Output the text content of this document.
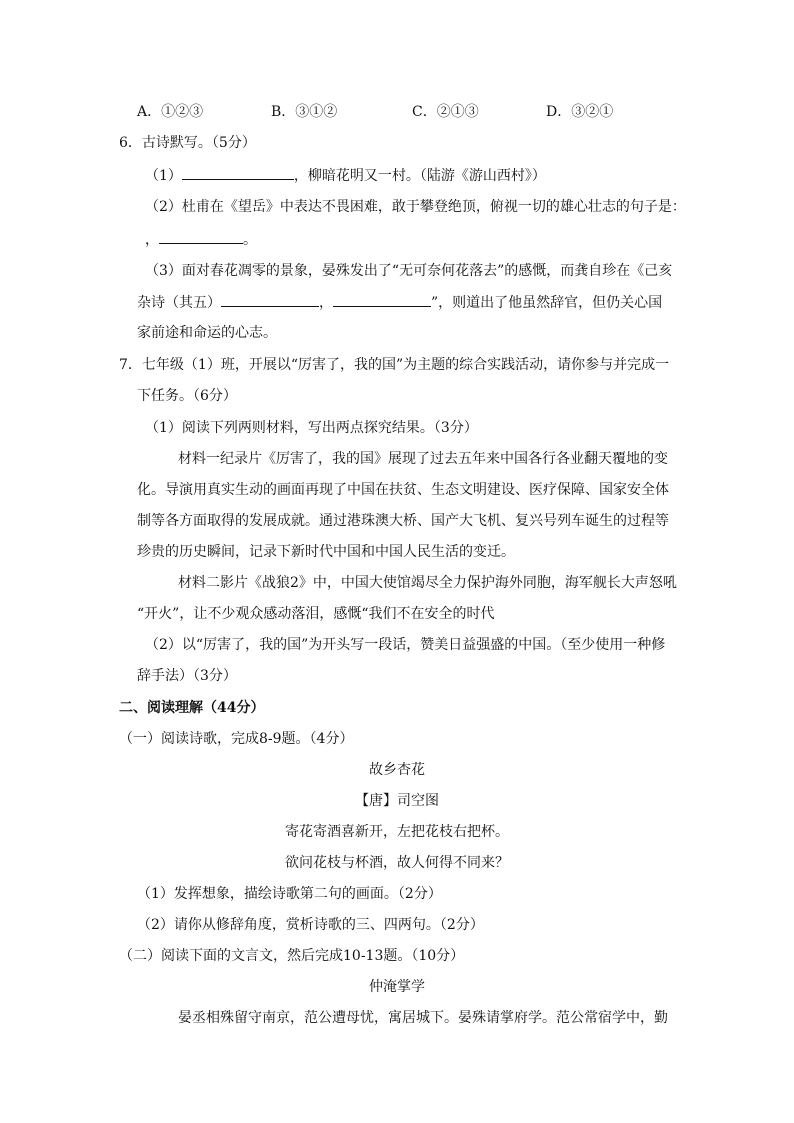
A．①②③	B．③①②	C．②①③	D．③②①
6．古诗默写。（5分）
（1）	，柳暗花明又一村。（陆游《游山西村》）
（2）杜甫在《望岳》中表达不畏困难，敢于攀登绝顶，俯视一切的雄心壮志的句子是：
，	。
（3）面对春花凋零的景象，晏殊发出了“无可奈何花落去”的感慨，而龚自珍在《己亥
杂诗（其五）	，	”，则道出了他虽然辞官，但仍关心国
家前途和命运的心志。
7．七年级（1）班，开展以“厉害了，我的国”为主题的综合实践活动，请你参与并完成一
下任务。（6分）
（1）阅读下列两则材料，写出两点探究结果。（3分）
材料一纪录片《厉害了，我的国》展现了过去五年来中国各行各业翻天覆地的变
化。导演用真实生动的画面再现了中国在扶贫、生态文明建设、医疗保障、国家安全体
制等各方面取得的发展成就。通过港珠澳大桥、国产大飞机、复兴号列车诞生的过程等
珍贵的历史瞬间，记录下新时代中国和中国人民生活的变迁。
材料二影片《战狼2》中，中国大使馆竭尽全力保护海外同胞，海军舰长大声怒吼
“开火”，让不少观众感动落泪，感慨“我们不在安全的时代
（2）以“厉害了，我的国”为开头写一段话，赞美日益强盛的中国。（至少使用一种修
辞手法）（3分）
二、阅读理解（44分）
（一）阅读诗歌，完成8-9题。（4分）
故乡杏花
【唐】司空图
寄花寄酒喜新开，左把花枝右把杯。
欲问花枝与杯酒，故人何得不同来？
（1）发挥想象，描绘诗歌第二句的画面。（2分）
（2）请你从修辞角度，赏析诗歌的三、四两句。（2分）
（二）阅读下面的文言文，然后完成10-13题。（10分）
仲淹掌学
晏丞相殊留守南京，范公遭母忧，寓居城下。晏殊请掌府学。范公常宿学中，勤
